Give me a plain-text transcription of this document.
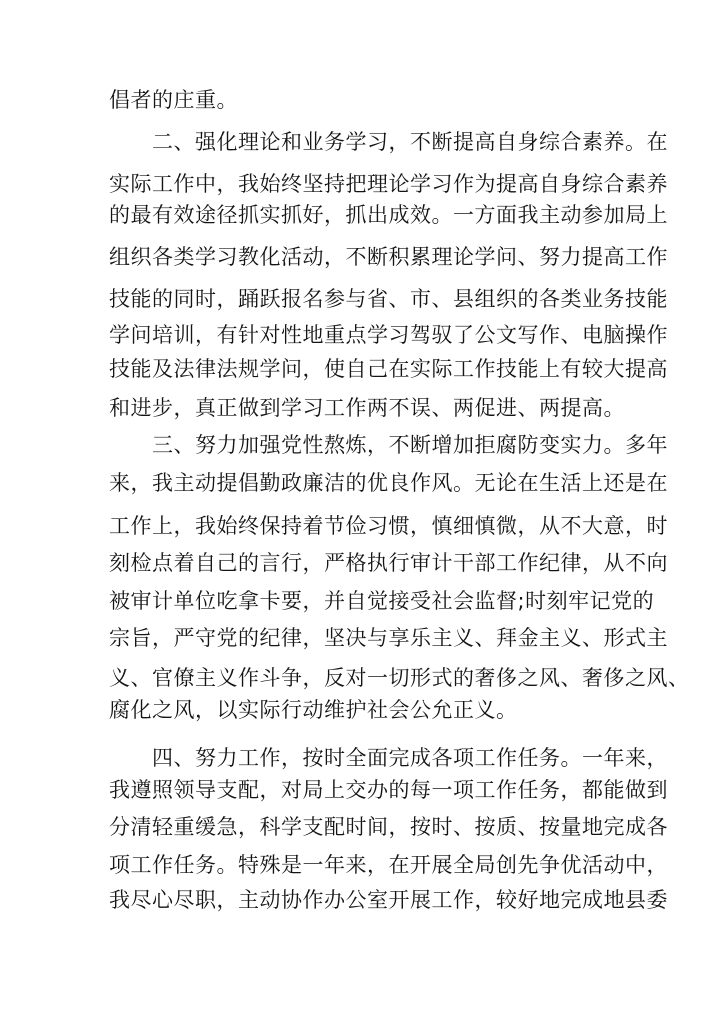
倡者的庄重。
二、强化理论和业务学习，不断提高自身综合素养。在
实际工作中，我始终坚持把理论学习作为提高自身综合素养
的最有效途径抓实抓好，抓出成效。一方面我主动参加局上
组织各类学习教化活动，不断积累理论学问、努力提高工作
技能的同时，踊跃报名参与省、市、县组织的各类业务技能
学问培训，有针对性地重点学习驾驭了公文写作、电脑操作
技能及法律法规学问，使自己在实际工作技能上有较大提高
和进步，真正做到学习工作两不误、两促进、两提高。
三、努力加强党性熬炼，不断增加拒腐防变实力。多年
来，我主动提倡勤政廉洁的优良作风。无论在生活上还是在
工作上，我始终保持着节俭习惯，慎细慎微，从不大意，时
刻检点着自己的言行，严格执行审计干部工作纪律，从不向
被审计单位吃拿卡要，并自觉接受社会监督;时刻牢记党的
宗旨，严守党的纪律，坚决与享乐主义、拜金主义、形式主
义、官僚主义作斗争，反对一切形式的奢侈之风、奢侈之风、
腐化之风，以实际行动维护社会公允正义。
四、努力工作，按时全面完成各项工作任务。一年来，
我遵照领导支配，对局上交办的每一项工作任务，都能做到
分清轻重缓急，科学支配时间，按时、按质、按量地完成各
项工作任务。特殊是一年来，在开展全局创先争优活动中，
我尽心尽职，主动协作办公室开展工作，较好地完成地县委
